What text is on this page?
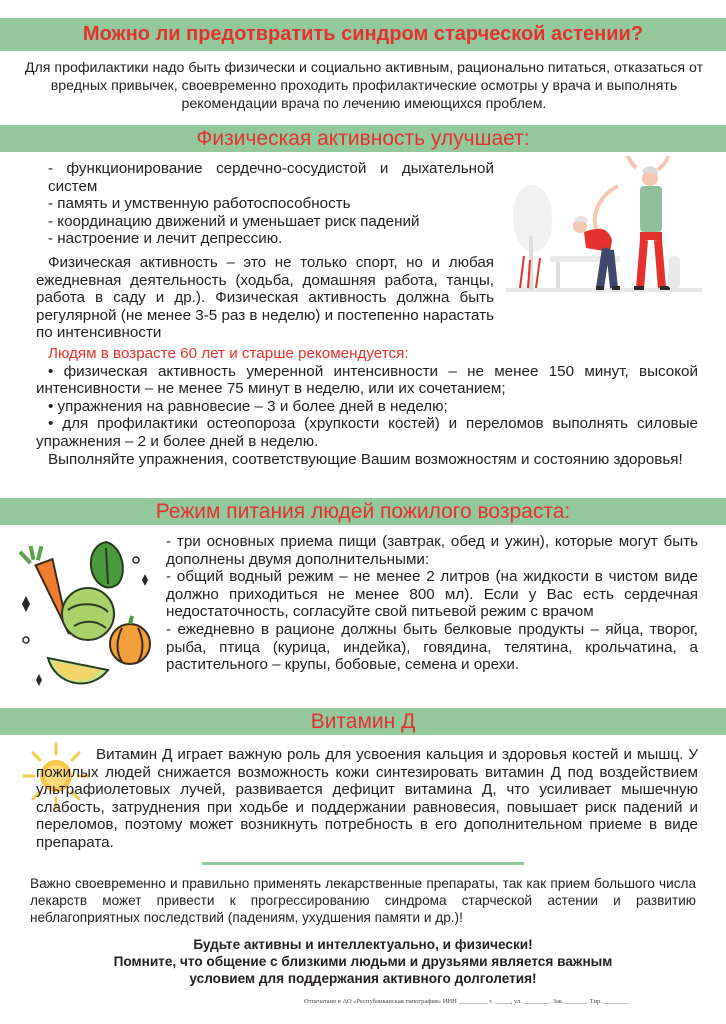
Можно ли предотвратить синдром старческой астении?
Для профилактики надо быть физически и социально активным, рационально питаться, отказаться от вредных привычек, своевременно проходить профилактические осмотры у врача и выполнять рекомендации врача по лечению имеющихся проблем.
Физическая активность улучшает:

- функционирование сердечно-сосудистой и дыхательной систем

- память и умственную работоспособность

- координацию движений и уменьшает риск падений

- настроение и лечит депрессию.

Физическая активность – это не только спорт, но и любая ежедневная деятельность (ходьба, домашняя работа, танцы, работа в саду и др.). Физическая активность должна быть регулярной (не менее 3-5 раз в неделю) и постепенно нарастать по интенсивности

Людям в возрасте 60 лет и старше рекомендуется:

• физическая активность умеренной интенсивности – не менее 150 минут, высокой интенсивности – не менее 75 минут в неделю, или их сочетанием;

• упражнения на равновесие – 3 и более дней в неделю;

• для профилактики остеопороза (хрупкости костей) и переломов выполнять силовые упражнения – 2 и более дней в неделю.

Выполняйте упражнения, соответствующие Вашим возможностям и состоянию здоровья!

Режим питания людей пожилого возраста:

- три основных приема пищи (завтрак, обед и ужин), которые могут быть дополнены двумя дополнительными:

- общий водный режим – не менее 2 литров (на жидкости в чистом виде должно приходиться не менее 800 мл). Если у Вас есть сердечная недостаточность, согласуйте свой питьевой режим с врачом

- ежедневно в рационе должны быть белковые продукты – яйца, творог, рыба, птица (курица, индейка), говядина, телятина, крольчатина, а растительного – крупы, бобовые, семена и орехи.

Витамин Д
Витамин Д играет важную роль для усвоения кальция и здоровья костей и мышц. У пожилых людей снижается возможность кожи синтезировать витамин Д под воздействием ультрафиолетовых лучей, развивается дефицит витамина Д, что усиливает мышечную слабость, затруднения при ходьбе и поддержании равновесия, повышает риск падений и переломов, поэтому может возникнуть потребность в его дополнительном приеме в виде препарата.
Важно своевременно и правильно применять лекарственные препараты, так как прием большого числа лекарств может привести к прогрессированию синдрома старческой астении и развитию неблагоприятных последствий (падениям, ухудшения памяти и др.)!
Будьте активны и интеллектуально, и физически!
Помните, что общение с близкими людьми и друзьями является важным
условием для поддержания активного долголетия!
Отпечатано в АО «Республиканская типография» ИНН _________ г. _____, ул. ________. Зак._______. Тир. ________
